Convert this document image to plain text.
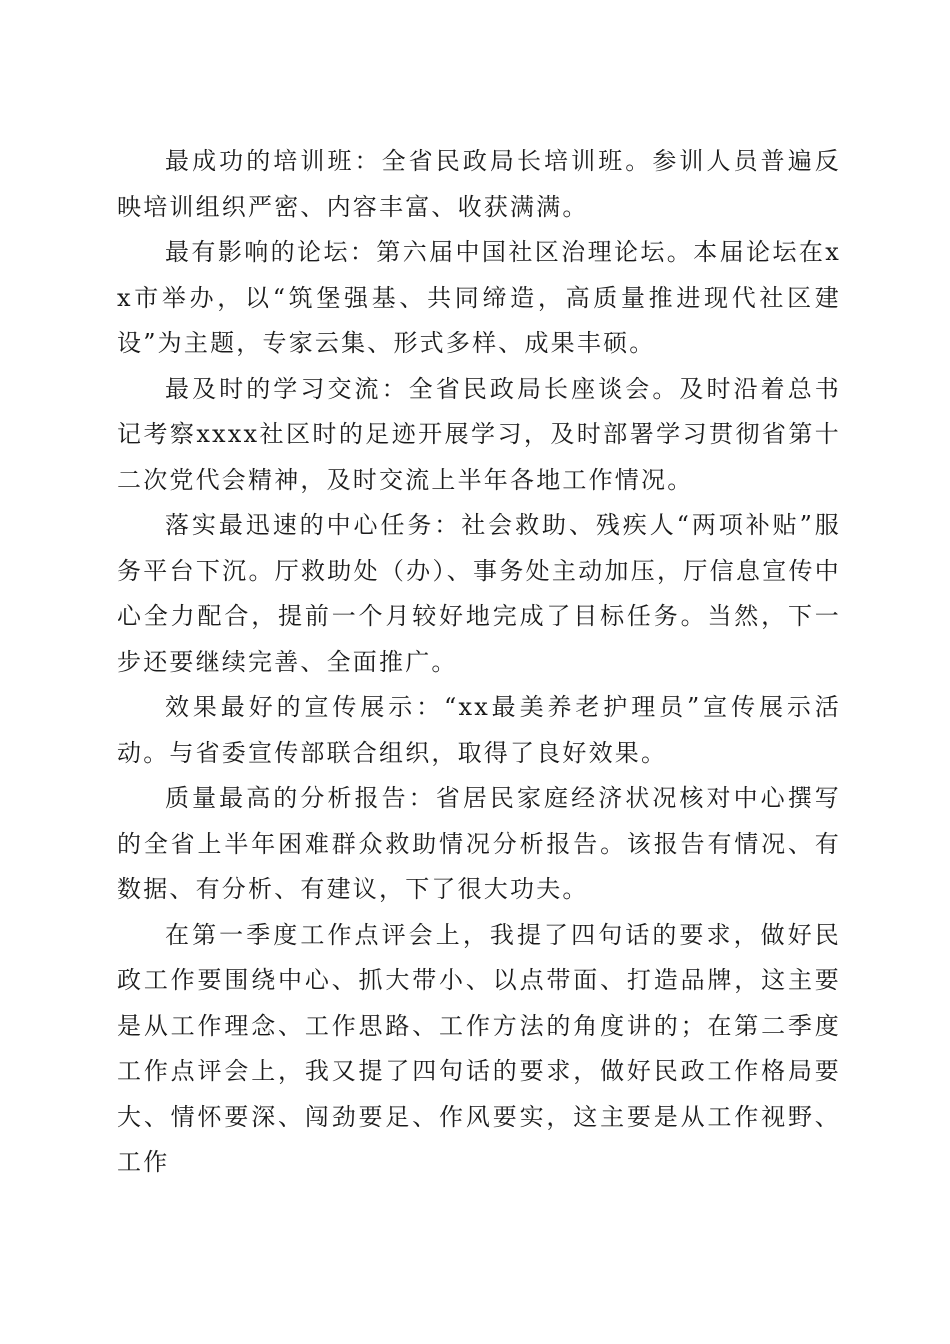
最成功的培训班：全省民政局长培训班。参训人员普遍反映培训组织严密、内容丰富、收获满满。

最有影响的论坛：第六届中国社区治理论坛。本届论坛在xx市举办，以“筑堡强基、共同缔造，高质量推进现代社区建设”为主题，专家云集、形式多样、成果丰硕。

最及时的学习交流：全省民政局长座谈会。及时沿着总书记考察xxxx社区时的足迹开展学习，及时部署学习贯彻省第十二次党代会精神，及时交流上半年各地工作情况。

落实最迅速的中心任务：社会救助、残疾人“两项补贴”服务平台下沉。厅救助处（办）、事务处主动加压，厅信息宣传中心全力配合，提前一个月较好地完成了目标任务。当然，下一步还要继续完善、全面推广。

效果最好的宣传展示：“xx最美养老护理员”宣传展示活动。与省委宣传部联合组织，取得了良好效果。

质量最高的分析报告：省居民家庭经济状况核对中心撰写的全省上半年困难群众救助情况分析报告。该报告有情况、有数据、有分析、有建议，下了很大功夫。

在第一季度工作点评会上，我提了四句话的要求，做好民政工作要围绕中心、抓大带小、以点带面、打造品牌，这主要是从工作理念、工作思路、工作方法的角度讲的；在第二季度工作点评会上，我又提了四句话的要求，做好民政工作格局要大、情怀要深、闯劲要足、作风要实，这主要是从工作视野、工作
